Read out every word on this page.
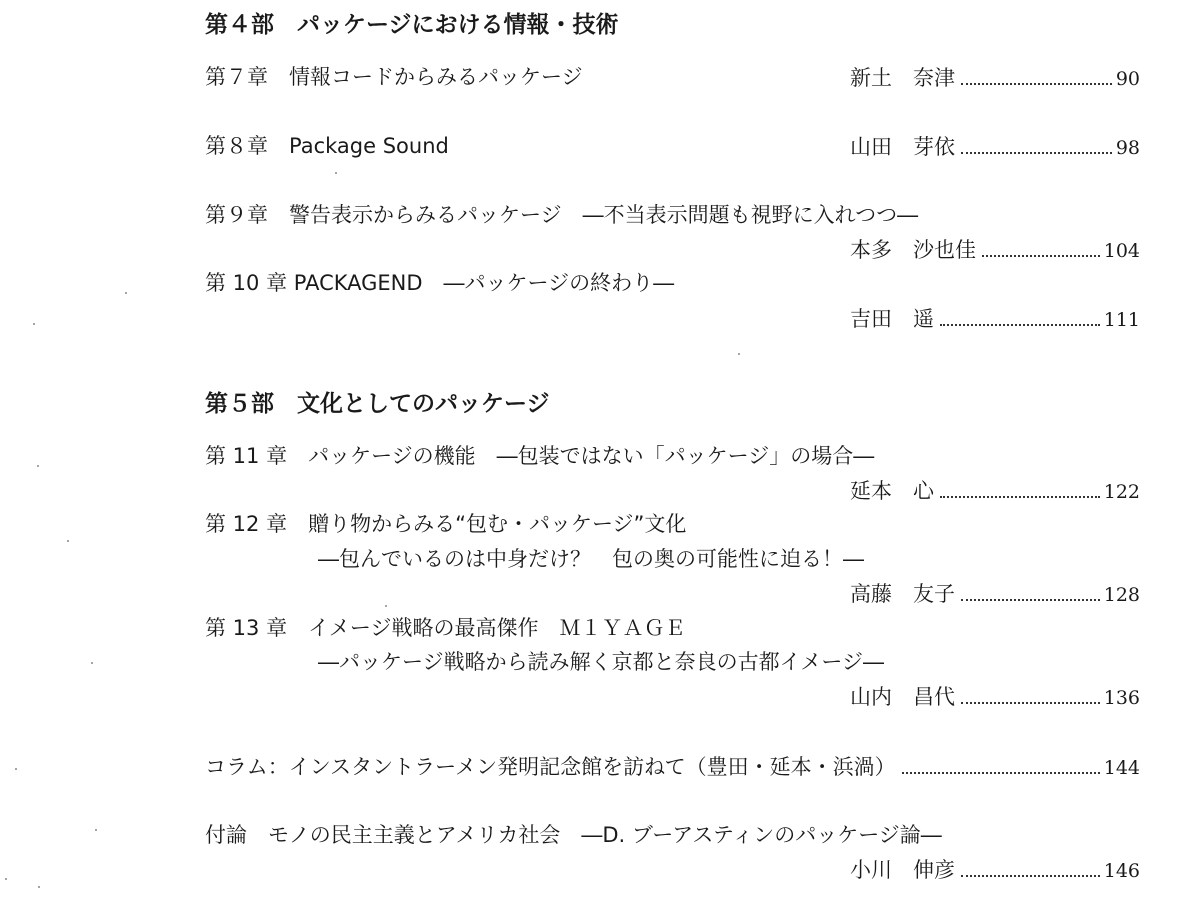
第４部　パッケージにおける情報・技術
第７章　情報コードからみるパッケージ	新土　奈津	90
第８章　Package Sound	山田　芽依	98
第９章　警告表示からみるパッケージ　―不当表示問題も視野に入れつつ―
本多　沙也佳	104
第 10 章 PACKAGEND　―パッケージの終わり―
吉田　遥	111
第５部　文化としてのパッケージ
第 11 章　パッケージの機能　―包装ではない「パッケージ」の場合―
延本　心	122
第 12 章　贈り物からみる“包む・パッケージ”文化
―包んでいるのは中身だけ？　包の奥の可能性に迫る！―
高藤　友子	128
第 13 章　イメージ戦略の最高傑作　Ｍ１ＹＡＧＥ
―パッケージ戦略から読み解く京都と奈良の古都イメージ―
山内　昌代	136
コラム：インスタントラーメン発明記念館を訪ねて（豊田・延本・浜渦）	144
付論　モノの民主主義とアメリカ社会　―D. ブーアスティンのパッケージ論―
小川　伸彦	146
